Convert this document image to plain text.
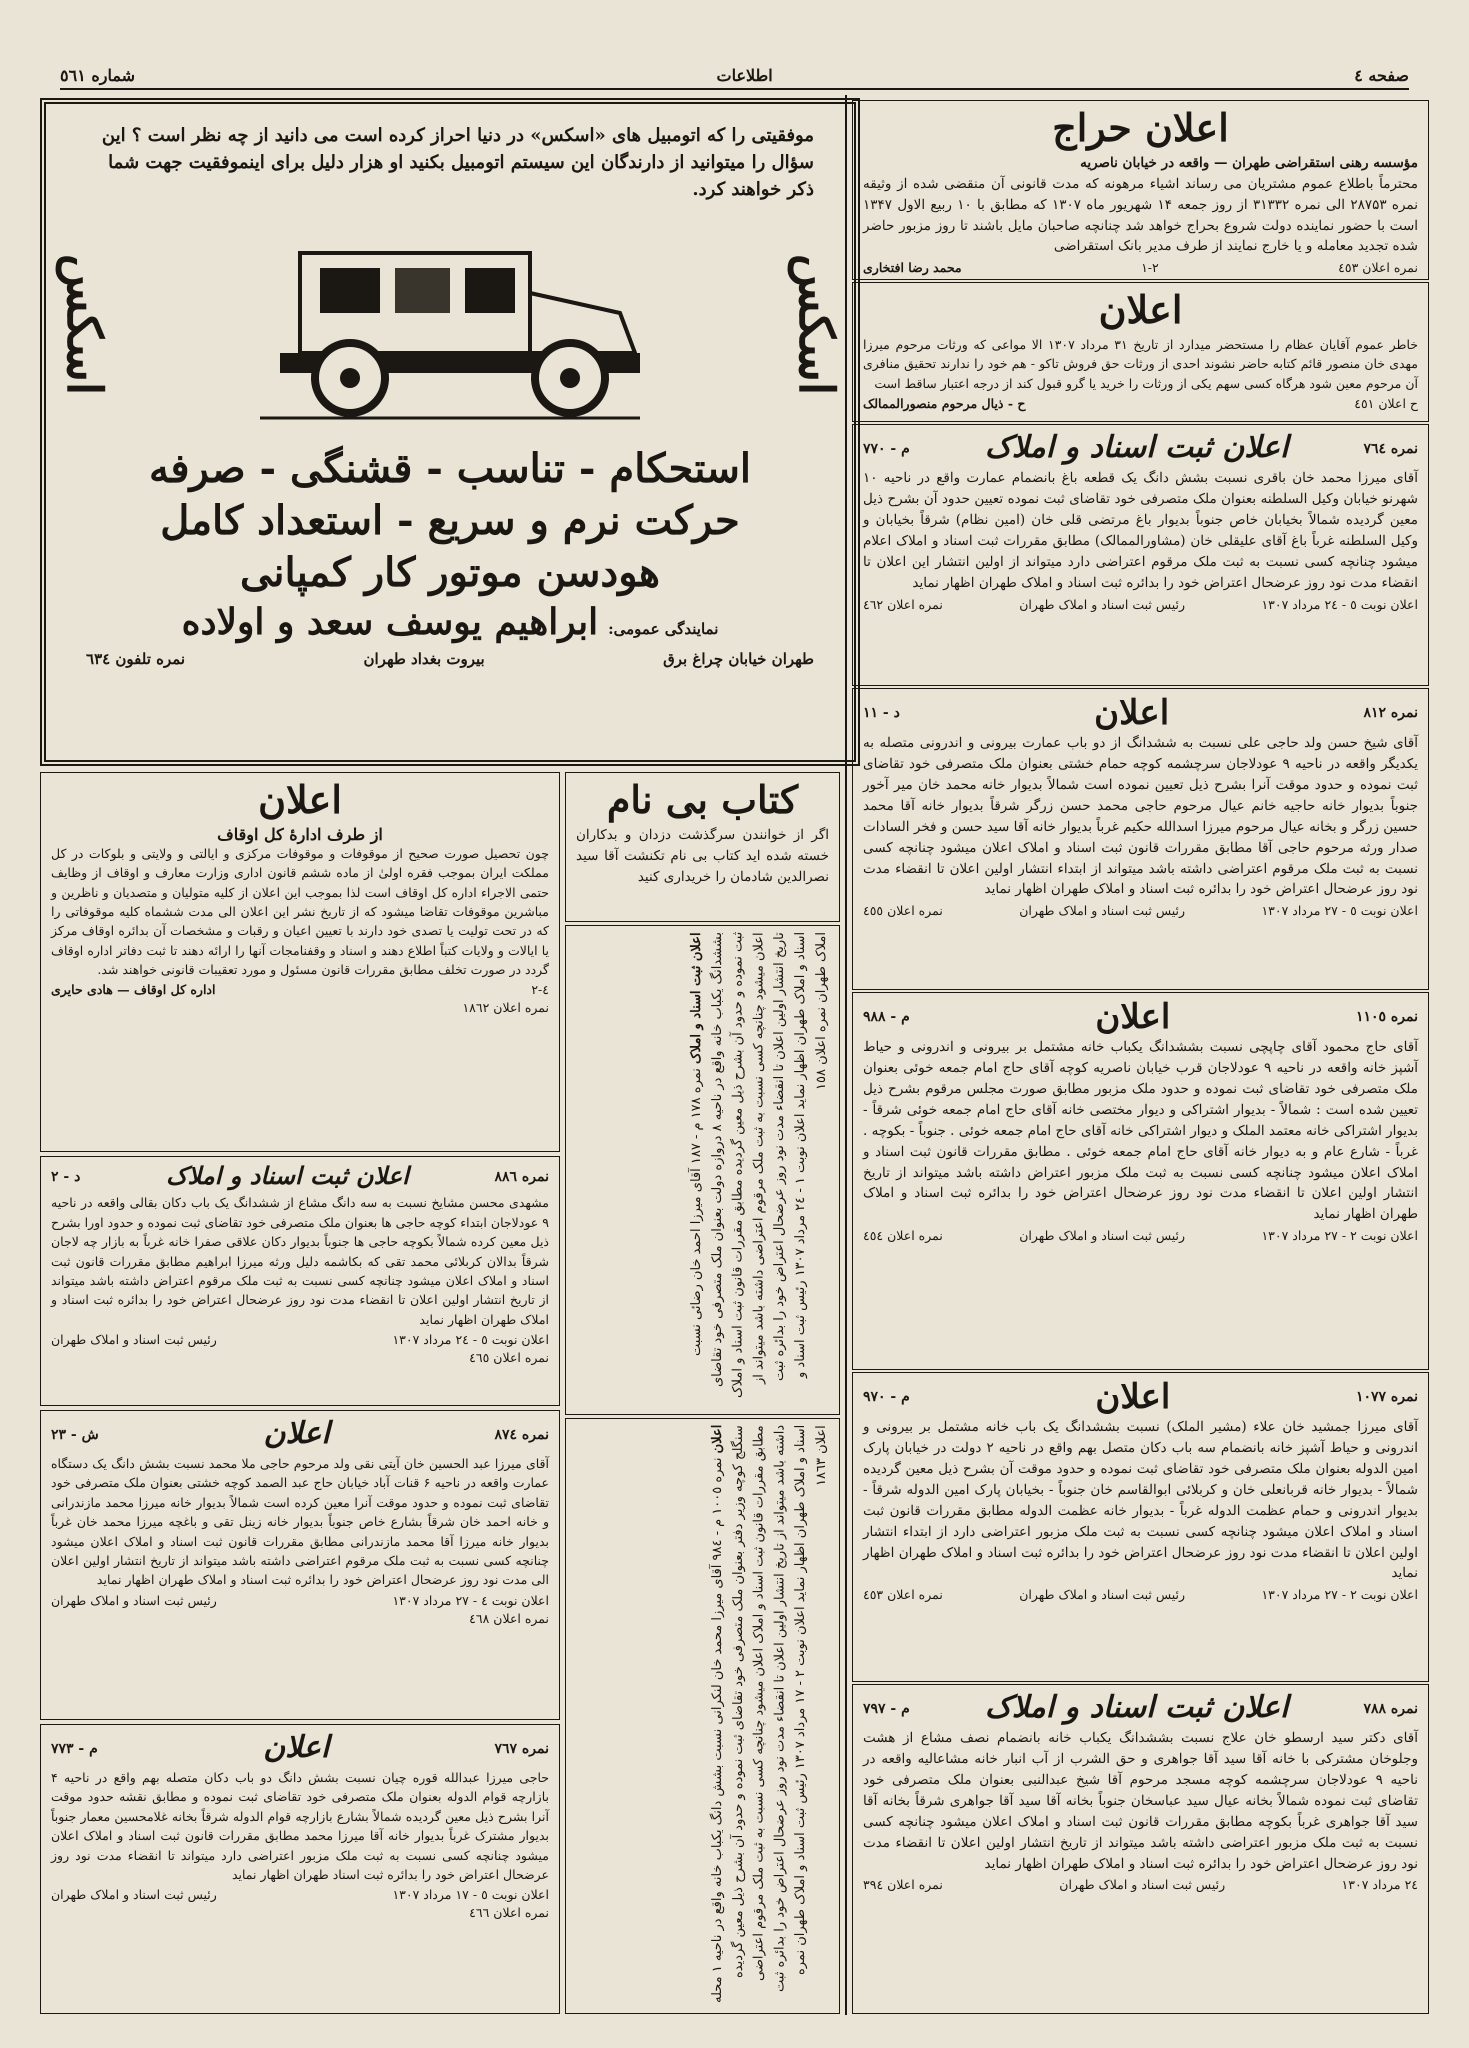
صفحه ٤
اطلاعات
شماره ٥٦١
موفقیتی را که اتومبیل های «اسکس» در دنیا احراز کرده است می دانید از چه نظر است ؟ این سؤال را میتوانید از دارندگان این سیستم اتومبیل بکنید او هزار دلیل برای اینموفقیت جهت شما ذکر خواهند کرد.
اسکس
اسکس
استحکام - تناسب - قشنگی - صرفه
حرکت نرم و سریع - استعداد کامل
هودسن موتور کار کمپانی
نمایندگی عمومی:
ابراهیم یوسف سعد و اولاده
طهران خیابان چراغ برق
بیروت بغداد طهران
نمره تلفون ٦٣٤
اعلان حراج
مؤسسه رهنی استقراضی طهران — واقعه در خیابان ناصریه
محترماً باطلاع عموم مشتریان می رساند اشیاء مرهونه که مدت قانونی آن منقضی شده از وثیقه نمره ۲۸۷۵۳ الی نمره ۳۱۳۳۲ از روز جمعه ۱۴ شهریور ماه ۱۳۰۷ که مطابق با ۱۰ ربیع الاول ۱۳۴۷ است با حضور نماینده دولت شروع بحراج خواهد شد چنانچه صاحبان مایل باشند تا روز مزبور حاضر شده تجدید معامله و یا خارج نمایند از طرف مدیر بانک استقراضی
نمره اعلان ٤٥٣
۱-۲
محمد رضا افتخاری
اعلان
خاطر عموم آقایان عظام را مستحضر میدارد از تاریخ ۳۱ مرداد ۱۳۰۷ الا مواعی که ورثات مرحوم میرزا مهدی خان منصور قائم کتابه حاضر نشوند احدی از ورثات حق فروش تاکو - هم خود را ندارند تحقیق منافری آن مرحوم معین شود هرگاه کسی سهم یکی از ورثات را خرید یا گرو قبول کند از درجه اعتبار ساقط است
ح اعلان ٤٥١
ح - ذیال مرحوم منصورالممالک
نمره ٧٦٤
اعلان ثبت اسناد و املاک
م - ٧٧٠
آقای میرزا محمد خان باقری نسبت بشش دانگ یک قطعه باغ بانضمام عمارت واقع در ناحیه ۱۰ شهرنو خیابان وکیل السلطنه بعنوان ملک متصرفی خود تقاضای ثبت نموده تعیین حدود آن بشرح ذیل معین گردیده شمالاً بخیابان خاص جنوباً بدیوار باغ مرتضی قلی خان (امین نظام) شرقاً بخیابان و وکیل السلطنه غرباً باغ آقای علیقلی خان (مشاورالممالک) مطابق مقررات ثبت اسناد و املاک اعلام میشود چنانچه کسی نسبت به ثبت ملک مرقوم اعتراضی دارد میتواند از اولین انتشار این اعلان تا انقضاء مدت نود روز عرضحال اعتراض خود را بدائره ثبت اسناد و املاک طهران اظهار نماید
اعلان نوبت ٥ - ٢٤ مرداد ١٣٠٧
رئیس ثبت اسناد و املاک طهران
نمره اعلان ٤٦٢
نمره ٨١٢
اعلان
د - ١١
آقای شیخ حسن ولد حاجی علی نسبت به ششدانگ از دو باب عمارت بیرونی و اندرونی متصله به یکدیگر واقعه در ناحیه ۹ عودلاجان سرچشمه کوچه حمام خشتی بعنوان ملک متصرفی خود تقاضای ثبت نموده و حدود موقت آنرا بشرح ذیل تعیین نموده است شمالاً بدیوار خانه محمد خان میر آخور جنوباً بدیوار خانه حاجیه خانم عیال مرحوم حاجی محمد حسن زرگر شرقاً بدیوار خانه آقا محمد حسین زرگر و بخانه عیال مرحوم میرزا اسدالله حکیم غرباً بدیوار خانه آقا سید حسن و فخر السادات صدار ورثه مرحوم حاجی آقا مطابق مقررات قانون ثبت اسناد و املاک اعلان میشود چنانچه کسی نسبت به ثبت ملک مرقوم اعتراضی داشته باشد میتواند از ابتداء انتشار اولین اعلان تا انقضاء مدت نود روز عرضحال اعتراض خود را بدائره ثبت اسناد و املاک طهران اظهار نماید
اعلان نوبت ٥ - ٢٧ مرداد ١٣٠٧
رئیس ثبت اسناد و املاک طهران
نمره اعلان ٤٥٥
نمره ١١٠٥
اعلان
م - ٩٨٨
آقای حاج محمود آقای چاپچی نسبت بششدانگ یکباب خانه مشتمل بر بیرونی و اندرونی و حیاط آشپز خانه واقعه در ناحیه ۹ عودلاجان قرب خیابان ناصریه کوچه آقای حاج امام جمعه خوئی بعنوان ملک متصرفی خود تقاضای ثبت نموده و حدود ملک مزبور مطابق صورت مجلس مرقوم بشرح ذیل تعیین شده است : شمالاً - بدیوار اشتراکی و دیوار مختصی خانه آقای حاج امام جمعه خوئی شرقاً - بدیوار اشتراکی خانه معتمد الملک و دیوار اشتراکی خانه آقای حاج امام جمعه خوئی . جنوباً - بکوچه . غرباً - شارع عام و به دیوار خانه آقای حاج امام جمعه خوئی . مطابق مقررات قانون ثبت اسناد و املاک اعلان میشود چنانچه کسی نسبت به ثبت ملک مزبور اعتراض داشته باشد میتواند از تاریخ انتشار اولین اعلان تا انقضاء مدت نود روز عرضحال اعتراض خود را بدائره ثبت اسناد و املاک طهران اظهار نماید
اعلان نوبت ٢ - ٢٧ مرداد ١٣٠٧
رئیس ثبت اسناد و املاک طهران
نمره اعلان ٤٥٤
نمره ١٠٧٧
اعلان
م - ٩٧٠
آقای میرزا جمشید خان علاء (مشیر الملک) نسبت بششدانگ یک باب خانه مشتمل بر بیرونی و اندرونی و حیاط آشپز خانه بانضمام سه باب دکان متصل بهم واقع در ناحیه ۲ دولت در خیابان پارک امین الدوله بعنوان ملک متصرفی خود تقاضای ثبت نموده و حدود موقت آن بشرح ذیل معین گردیده شمالاً - بدیوار خانه قربانعلی خان و کربلائی ابوالقاسم خان جنوباً - بخیابان پارک امین الدوله شرقاً - بدیوار اندرونی و حمام عظمت الدوله غرباً - بدیوار خانه عظمت الدوله مطابق مقررات قانون ثبت اسناد و املاک اعلان میشود چنانچه کسی نسبت به ثبت ملک مزبور اعتراضی دارد از ابتداء انتشار اولین اعلان تا انقضاء مدت نود روز عرضحال اعتراض خود را بدائره ثبت اسناد و املاک طهران اظهار نماید
اعلان نوبت ٢ - ٢٧ مرداد ١٣٠٧
رئیس ثبت اسناد و املاک طهران
نمره اعلان ٤٥٣
نمره ٧٨٨
اعلان ثبت اسناد و املاک
م - ٧٩٧
آقای دکتر سید ارسطو خان علاج نسبت بششدانگ یکباب خانه بانضمام نصف مشاع از هشت وجلوخان مشترکی با خانه آقا سید آقا جواهری و حق الشرب از آب انبار خانه مشاعالیه واقعه در ناحیه ۹ عودلاجان سرچشمه کوچه مسجد مرحوم آقا شیخ عبدالنبی بعنوان ملک متصرفی خود تقاضای ثبت نموده شمالاً بخانه عیال سید عباسخان جنوباً بخانه آقا سید آقا جواهری شرقاً بخانه آقا سید آقا جواهری غرباً بکوچه مطابق مقررات قانون ثبت اسناد و املاک اعلان میشود چنانچه کسی نسبت به ثبت ملک مزبور اعتراضی داشته باشد میتواند از تاریخ انتشار اولین اعلان تا انقضاء مدت نود روز عرضحال اعتراض خود را بدائره ثبت اسناد و املاک طهران اظهار نماید
٢٤ مرداد ١٣٠٧
رئیس ثبت اسناد و املاک طهران
نمره اعلان ٣٩٤
اعلان
از طرف ادارهٔ کل اوقاف
چون تحصیل صورت صحیح از موقوفات و موقوفات مرکزی و ایالتی و ولایتی و بلوکات در کل مملکت ایران بموجب فقره اولیٰ از ماده ششم قانون اداری وزارت معارف و اوقاف از وظایف حتمی الاجراء اداره کل اوقاف است لذا بموجب این اعلان از کلیه متولیان و متصدیان و ناظرین و مباشرین موقوفات تقاضا میشود که از تاریخ نشر این اعلان الی مدت ششماه کلیه موقوفاتی را که در تحت تولیت یا تصدی خود دارند با تعیین اعیان و رقبات و مشخصات آن بدائره اوقاف مرکز یا ایالات و ولایات کتباً اطلاع دهند و اسناد و وقفنامجات آنها را ارائه دهند تا ثبت دفاتر اداره اوقاف گردد در صورت تخلف مطابق مقررات قانون مسئول و مورد تعقیبات قانونی خواهند شد.
٤-٢
اداره کل اوقاف — هادی حایری
نمره اعلان ١٨٦٢
کتاب بی نام
اگر از خوانندن سرگذشت دزدان و بدکاران خسته شده اید کتاب بی نام تکنشت آقا سید نصرالدین شادمان را خریداری کنید
اعلان ثبت اسناد و املاک نمره ١٧٨ م - ١٨٧ آقای میرزا احمد خان رضائی نسبت بششدانگ یکباب خانه واقع در ناحیه ۸ دروازه دولت بعنوان ملک متصرفی خود تقاضای ثبت نموده و حدود آن بشرح ذیل معین گردیده مطابق مقررات قانون ثبت اسناد و املاک اعلان میشود چنانچه کسی نسبت به ثبت ملک مرقوم اعتراضی داشته باشد میتواند از تاریخ انتشار اولین اعلان تا انقضاء مدت نود روز عرضحال اعتراض خود را بدائره ثبت اسناد و املاک طهران اظهار نماید اعلان نوبت ١ - ٢٤ مرداد ١٣٠٧ رئیس ثبت اسناد و املاک طهران نمره اعلان ١٥٨
اعلان نمره ١٠٠٥ م - ٩٨٤ آقای میرزا محمد خان لنکرانی نسبت بشش دانگ یکباب خانه واقع در ناحیه ۱ محله سنگلج کوچه وزیر دفتر بعنوان ملک متصرفی خود تقاضای ثبت نموده و حدود آن بشرح ذیل معین گردیده مطابق مقررات قانون ثبت اسناد و املاک اعلان میشود چنانچه کسی نسبت به ثبت ملک مرقوم اعتراضی داشته باشد میتواند از تاریخ انتشار اولین اعلان تا انقضاء مدت نود روز عرضحال اعتراض خود را بدائره ثبت اسناد و املاک طهران اظهار نماید اعلان نوبت ٢ - ١٧ مرداد ١٣٠٧ رئیس ثبت اسناد و املاک طهران نمره اعلان ١٨٦٣
نمره ٨٨٦
اعلان ثبت اسناد و املاک
د - ٢
مشهدی محسن مشایخ نسبت به سه دانگ مشاع از ششدانگ یک باب دکان بقالی واقعه در ناحیه ۹ عودلاجان ابتداء کوچه حاجی ها بعنوان ملک متصرفی خود تقاضای ثبت نموده و حدود اورا بشرح ذیل معین کرده شمالاً بکوچه حاجی ها جنوباً بدیوار دکان علاقی صفرا خانه غرباً به بازار چه لاجان شرقاً بدالان کربلائی محمد تقی که بکاشمه دلیل ورثه میرزا ابراهیم مطابق مقررات قانون ثبت اسناد و املاک اعلان میشود چنانچه کسی نسبت به ثبت ملک مرقوم اعتراض داشته باشد میتواند از تاریخ انتشار اولین اعلان تا انقضاء مدت نود روز عرضحال اعتراض خود را بدائره ثبت اسناد و املاک طهران اظهار نماید
اعلان نوبت ٥ - ٢٤ مرداد ١٣٠٧
رئیس ثبت اسناد و املاک طهران
نمره اعلان ٤٦٥
نمره ٨٧٤
اعلان
ش - ٢٣
آقای میرزا عبد الحسین خان آیتی نقی ولد مرحوم حاجی ملا محمد نسبت بشش دانگ یک دستگاه عمارت واقعه در ناحیه ۶ قنات آباد خیابان حاج عبد الصمد کوچه خشتی بعنوان ملک متصرفی خود تقاضای ثبت نموده و حدود موقت آنرا معین کرده است شمالاً بدیوار خانه میرزا محمد مازندرانی و خانه احمد خان شرقاً بشارع خاص جنوباً بدیوار خانه زینل تقی و باغچه میرزا محمد خان غرباً بدیوار خانه میرزا آقا محمد مازندرانی مطابق مقررات قانون ثبت اسناد و املاک اعلان میشود چنانچه کسی نسبت به ثبت ملک مرقوم اعتراضی داشته باشد میتواند از تاریخ انتشار اولین اعلان الی مدت نود روز عرضحال اعتراض خود را بدائره ثبت اسناد و املاک طهران اظهار نماید
اعلان نوبت ٤ - ٢٧ مرداد ١٣٠٧
رئیس ثبت اسناد و املاک طهران
نمره اعلان ٤٦٨
نمره ٧٦٧
اعلان
م - ٧٧٣
حاجی میرزا عبدالله قوره چیان نسبت بشش دانگ دو باب دکان متصله بهم واقع در ناحیه ۴ بازارچه قوام الدوله بعنوان ملک متصرفی خود تقاضای ثبت نموده و مطابق نقشه حدود موقت آنرا بشرح ذیل معین گردیده شمالاً بشارع بازارچه قوام الدوله شرقاً بخانه غلامحسین معمار جنوباً بدیوار مشترک غرباً بدیوار خانه آقا میرزا محمد مطابق مقررات قانون ثبت اسناد و املاک اعلان میشود چنانچه کسی نسبت به ثبت ملک مزبور اعتراضی دارد میتواند تا انقضاء مدت نود روز عرضحال اعتراض خود را بدائره ثبت اسناد طهران اظهار نماید
اعلان نوبت ٥ - ١٧ مرداد ١٣٠٧
رئیس ثبت اسناد و املاک طهران
نمره اعلان ٤٦٦
